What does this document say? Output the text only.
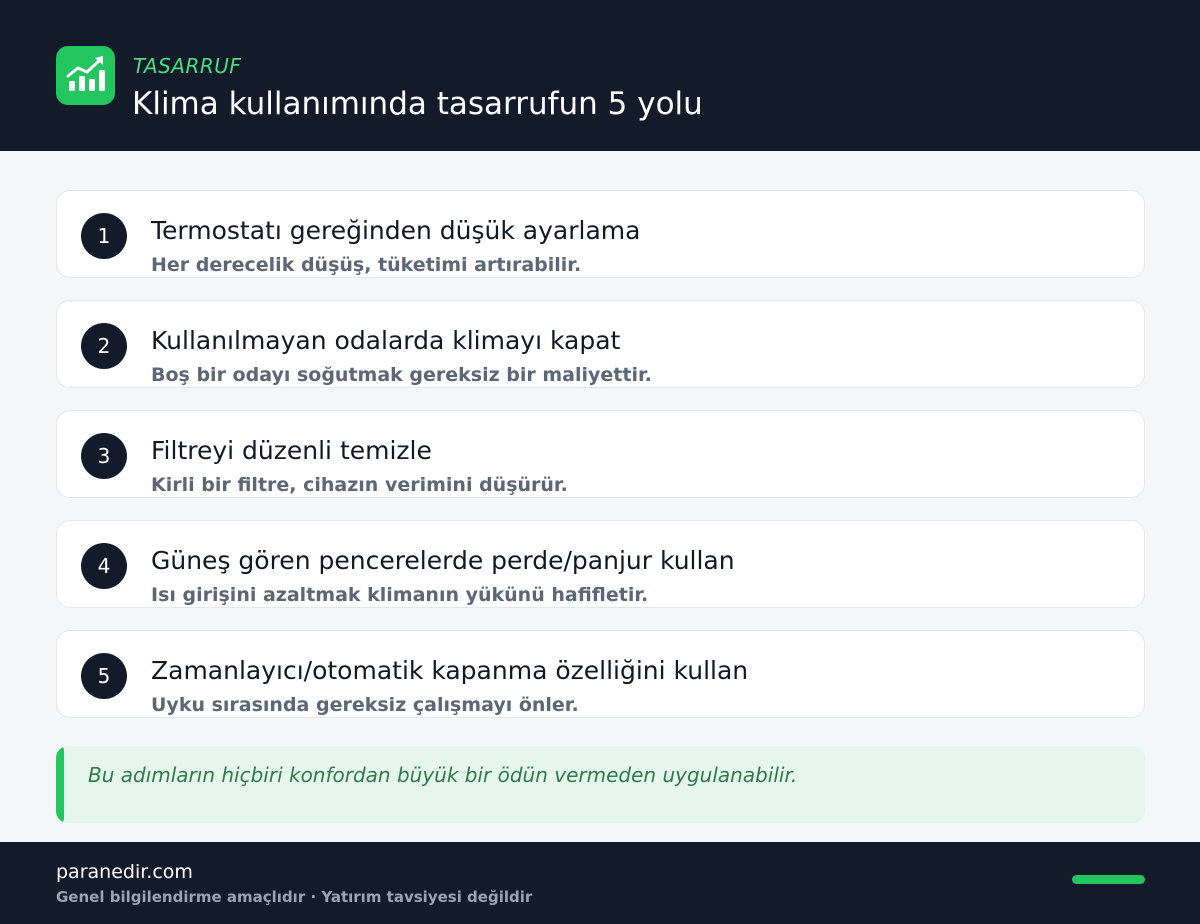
TASARRUF
Klima kullanımında tasarrufun 5 yolu
1	Termostatı gereğinden düşük ayarlama
Her derecelik düşüş, tüketimi artırabilir.
2	Kullanılmayan odalarda klimayı kapat
Boş bir odayı soğutmak gereksiz bir maliyettir.
3	Filtreyi düzenli temizle
Kirli bir filtre, cihazın verimini düşürür.
4	Güneş gören pencerelerde perde/panjur kullan
Isı girişini azaltmak klimanın yükünü hafifletir.
5	Zamanlayıcı/otomatik kapanma özelliğini kullan
Uyku sırasında gereksiz çalışmayı önler.
Bu adımların hiçbiri konfordan büyük bir ödün vermeden uygulanabilir.
paranedir.com
Genel bilgilendirme amaçlıdır · Yatırım tavsiyesi değildir
